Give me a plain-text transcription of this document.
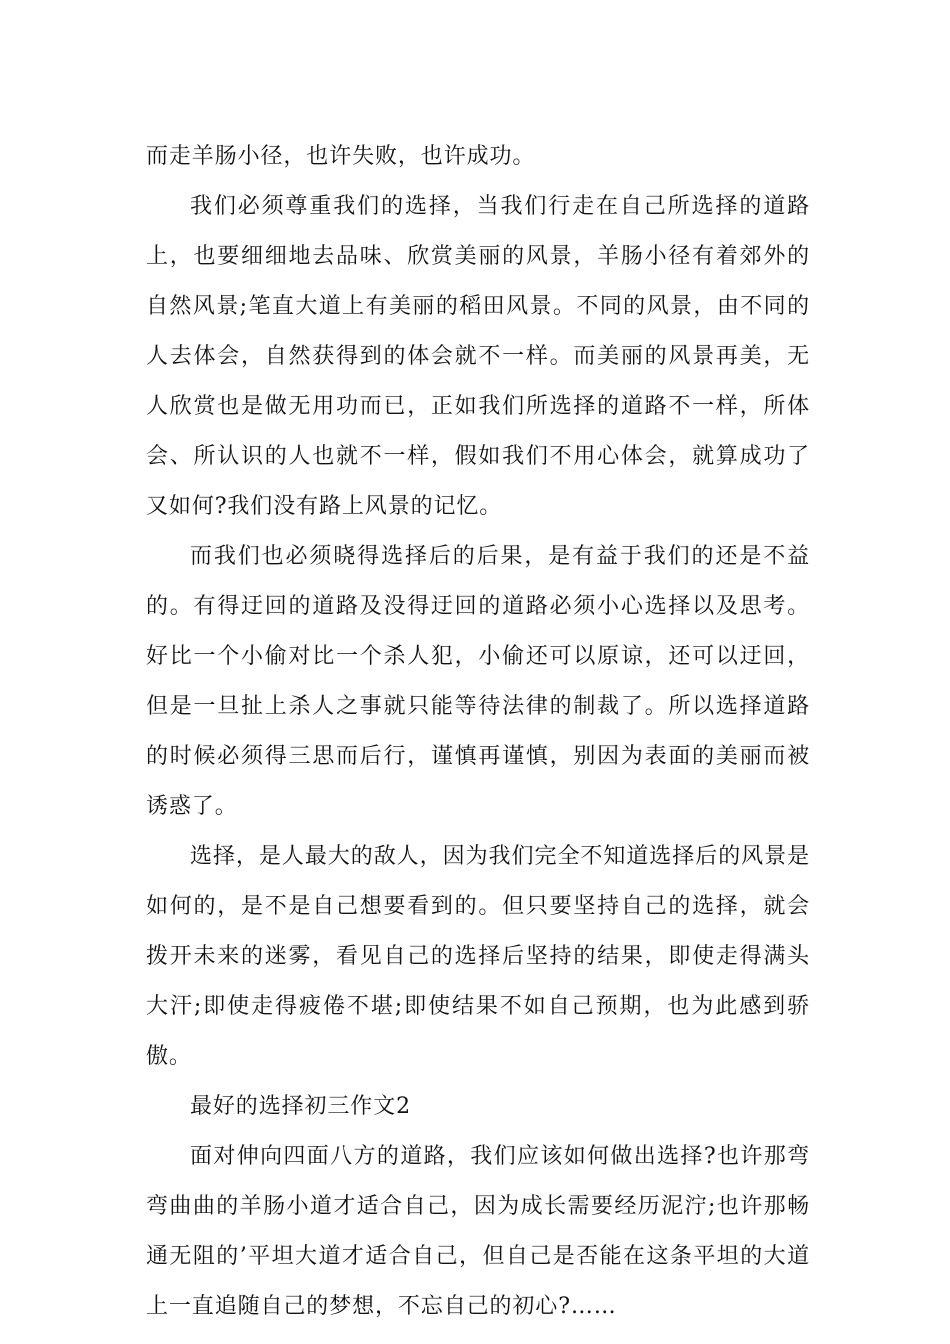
而走羊肠小径，也许失败，也许成功。

我们必须尊重我们的选择，当我们行走在自己所选择的道路上，也要细细地去品味、欣赏美丽的风景，羊肠小径有着郊外的自然风景;笔直大道上有美丽的稻田风景。不同的风景，由不同的人去体会，自然获得到的体会就不一样。而美丽的风景再美，无人欣赏也是做无用功而已，正如我们所选择的道路不一样，所体会、所认识的人也就不一样，假如我们不用心体会，就算成功了又如何?我们没有路上风景的记忆。

而我们也必须晓得选择后的后果，是有益于我们的还是不益的。有得迂回的道路及没得迂回的道路必须小心选择以及思考。好比一个小偷对比一个杀人犯，小偷还可以原谅，还可以迂回，但是一旦扯上杀人之事就只能等待法律的制裁了。所以选择道路的时候必须得三思而后行，谨慎再谨慎，别因为表面的美丽而被诱惑了。

选择，是人最大的敌人，因为我们完全不知道选择后的风景是如何的，是不是自己想要看到的。但只要坚持自己的选择，就会拨开未来的迷雾，看见自己的选择后坚持的结果，即使走得满头大汗;即使走得疲倦不堪;即使结果不如自己预期，也为此感到骄傲。

最好的选择初三作文2

面对伸向四面八方的道路，我们应该如何做出选择?也许那弯弯曲曲的羊肠小道才适合自己，因为成长需要经历泥泞;也许那畅通无阻的’平坦大道才适合自己，但自己是否能在这条平坦的大道上一直追随自己的梦想，不忘自己的初心?……
